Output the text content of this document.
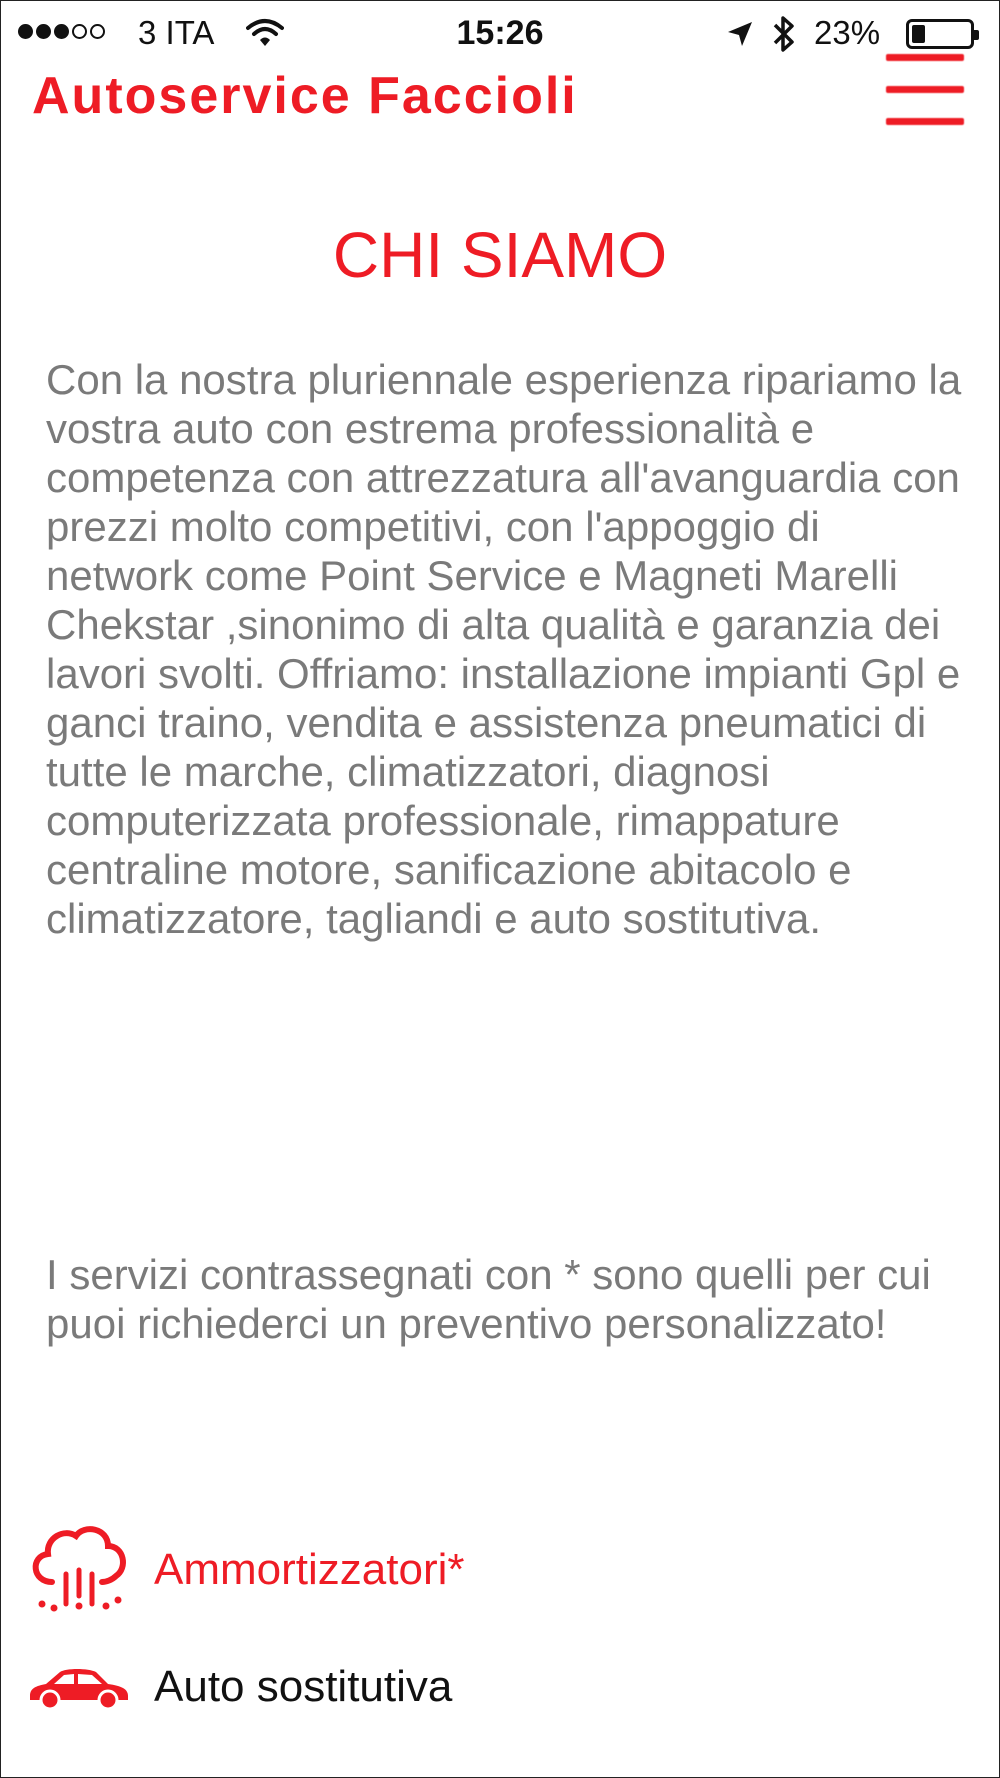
3 ITA	15:26	23%
Autoservice Faccioli
CHI SIAMO
Con la nostra pluriennale esperienza ripariamo la vostra auto con estrema professionalità e competenza con attrezzatura all'avanguardia con prezzi molto competitivi, con l'appoggio di network come Point Service e Magneti Marelli Chekstar ,sinonimo di alta qualità e garanzia dei lavori svolti. Offriamo: installazione impianti Gpl e ganci traino, vendita e assistenza pneumatici di tutte le marche, climatizzatori, diagnosi computerizzata professionale, rimappature centraline motore, sanificazione abitacolo e climatizzatore, tagliandi e auto sostitutiva.
I servizi contrassegnati con * sono quelli per cui puoi richiederci un preventivo personalizzato!
Ammortizzatori*
Auto sostitutiva
